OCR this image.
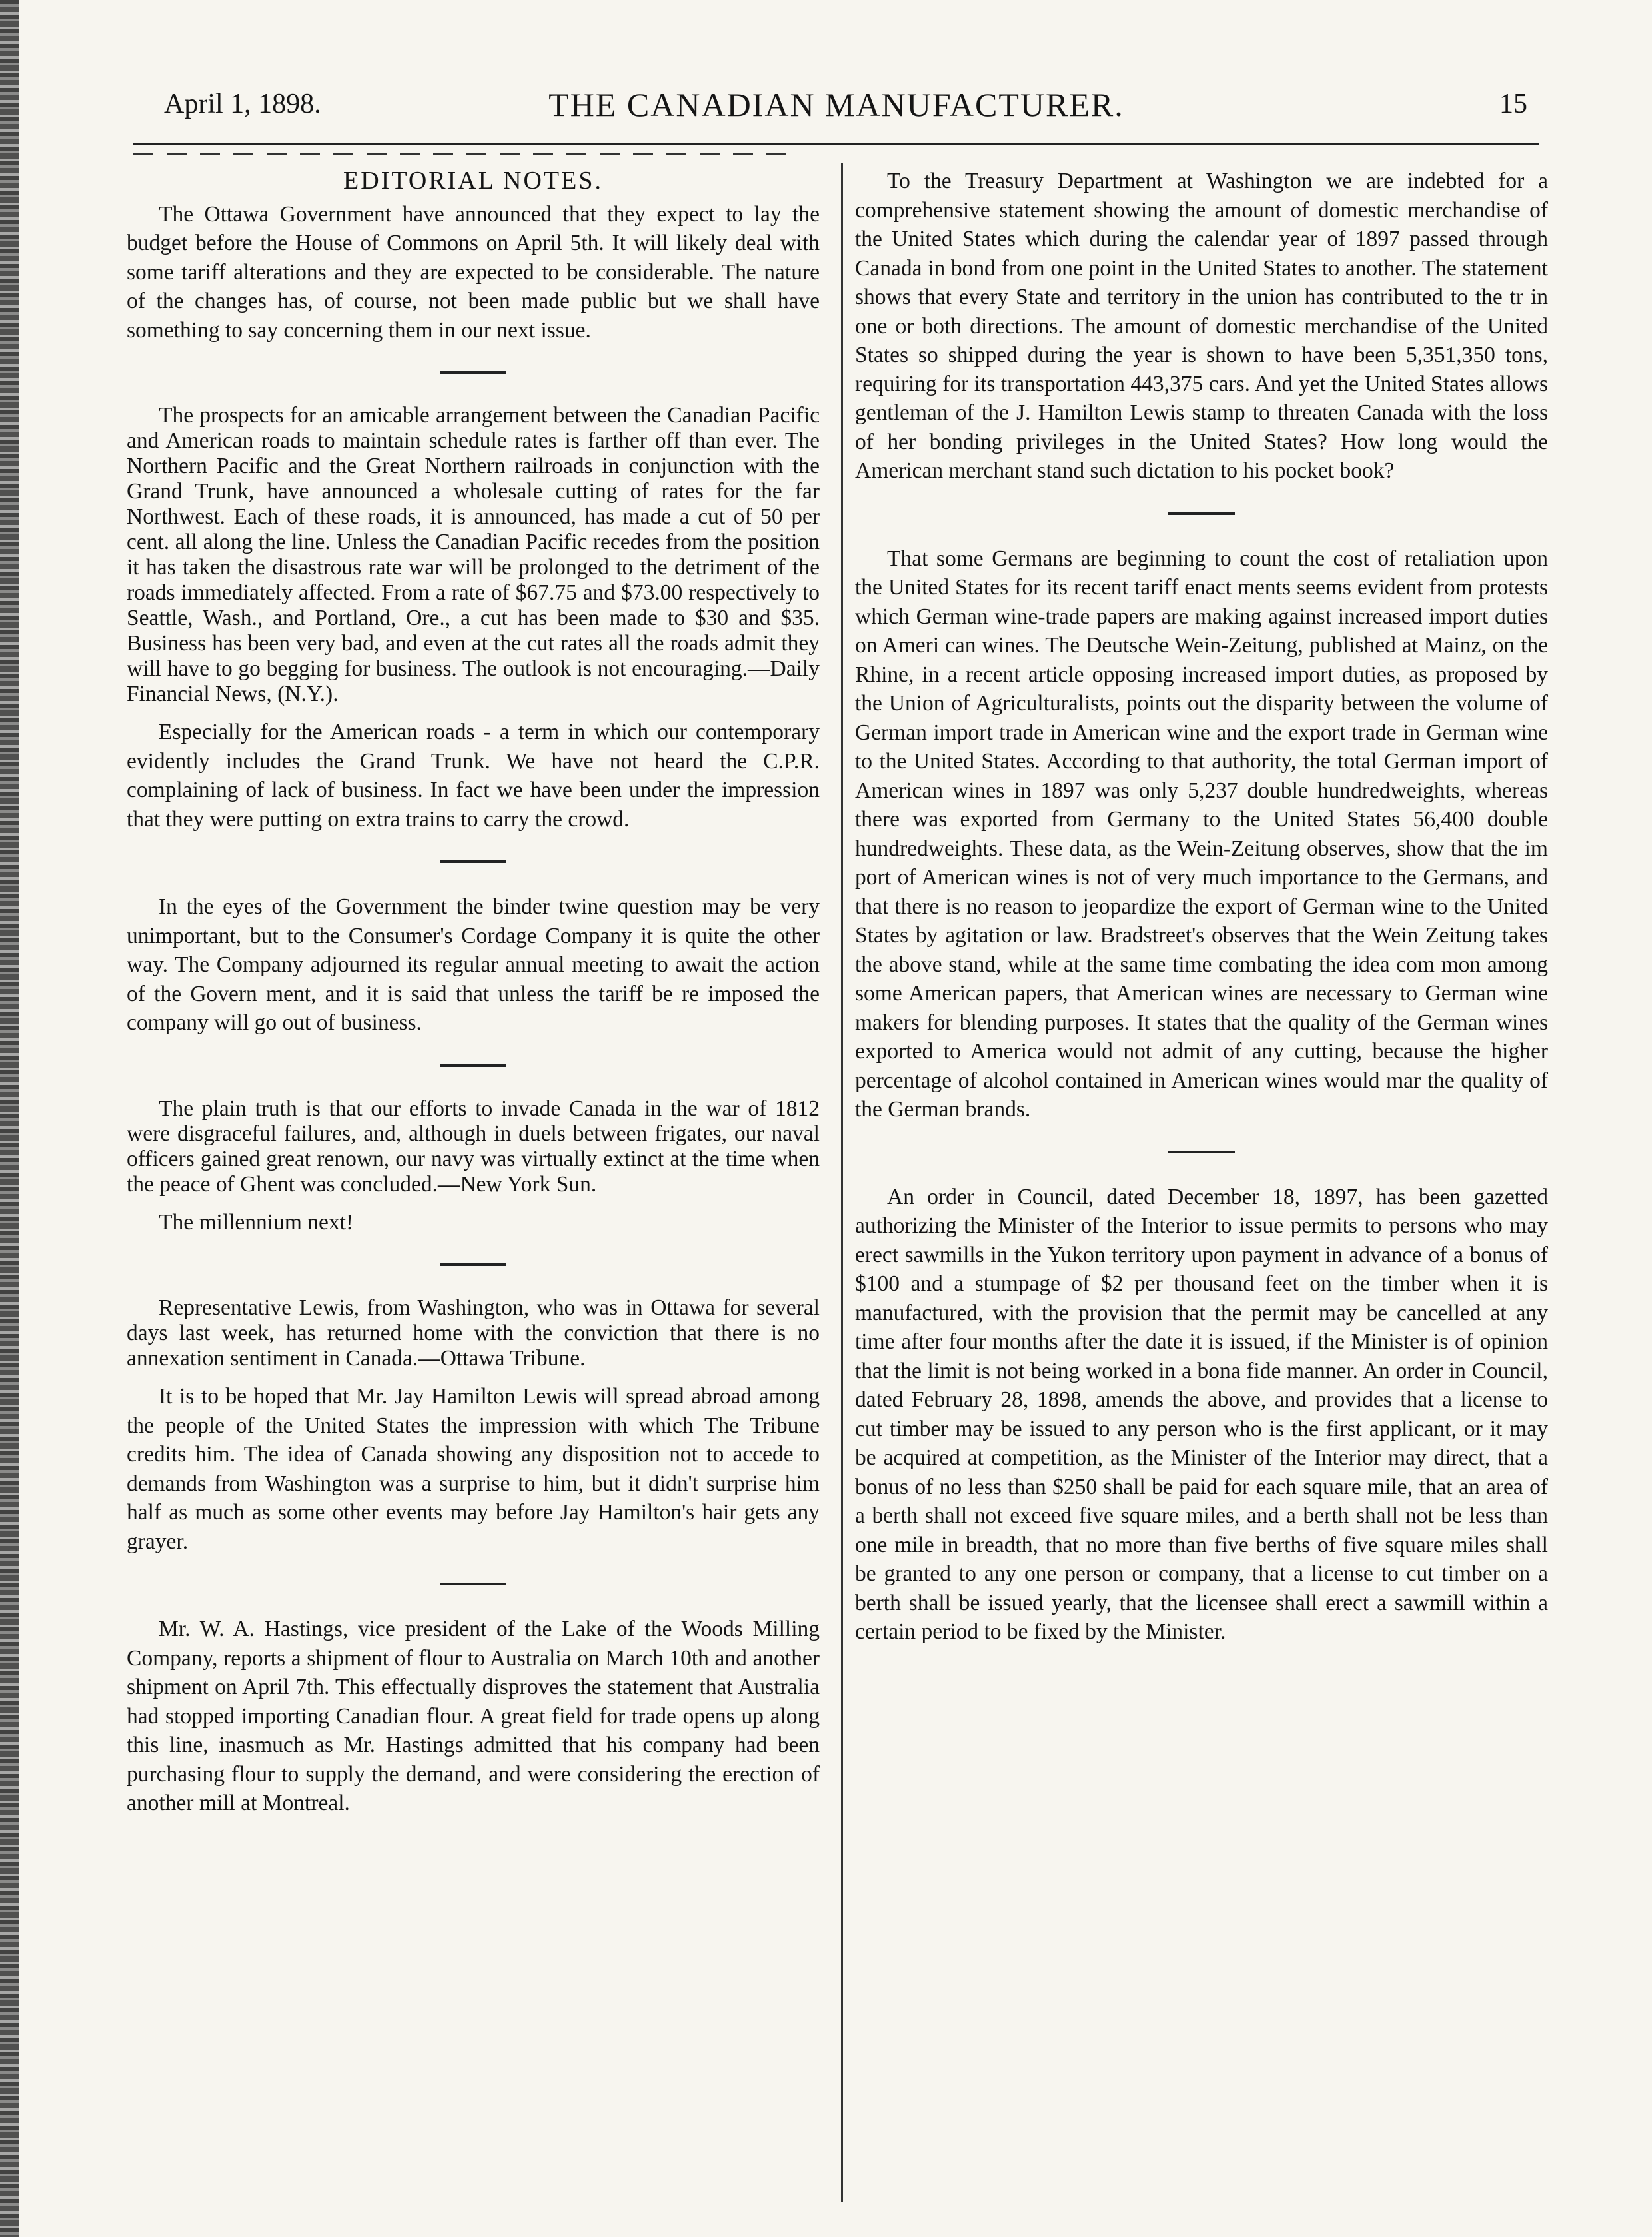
April 1, 1898.	THE CANADIAN MANUFACTURER.	15
EDITORIAL NOTES.

The Ottawa Government have announced that they expect to lay the budget before the House of Commons on April 5th. It will likely deal with some tariff alterations and they are expected to be considerable. The nature of the changes has, of course, not been made public but we shall have something to say concerning them in our next issue.

The prospects for an amicable arrangement between the Canadian Pacific and American roads to maintain schedule rates is farther off than ever. The Northern Pacific and the Great Northern railroads in conjunction with the Grand Trunk, have announced a wholesale cutting of rates for the far Northwest. Each of these roads, it is announced, has made a cut of 50 per cent. all along the line. Unless the Canadian Pacific recedes from the position it has taken the disastrous rate war will be prolonged to the detriment of the roads immediately affected. From a rate of $67.75 and $73.00 respectively to Seattle, Wash., and Portland, Ore., a cut has been made to $30 and $35. Business has been very bad, and even at the cut rates all the roads admit they will have to go begging for business. The outlook is not encouraging.—Daily Financial News, (N.Y.).

Especially for the American roads - a term in which our contemporary evidently includes the Grand Trunk. We have not heard the C.P.R. complaining of lack of business. In fact we have been under the impression that they were putting on extra trains to carry the crowd.

In the eyes of the Government the binder twine question may be very unimportant, but to the Consumer's Cordage Company it is quite the other way. The Company adjourned its regular annual meeting to await the action of the Govern ment, and it is said that unless the tariff be re imposed the company will go out of business.

The plain truth is that our efforts to invade Canada in the war of 1812 were disgraceful failures, and, although in duels between frigates, our naval officers gained great renown, our navy was virtually extinct at the time when the peace of Ghent was concluded.—New York Sun.

The millennium next!

Representative Lewis, from Washington, who was in Ottawa for several days last week, has returned home with the conviction that there is no annexation sentiment in Canada.—Ottawa Tribune.

It is to be hoped that Mr. Jay Hamilton Lewis will spread abroad among the people of the United States the impression with which The Tribune credits him. The idea of Canada showing any disposition not to accede to demands from Washington was a surprise to him, but it didn't surprise him half as much as some other events may before Jay Hamilton's hair gets any grayer.

Mr. W. A. Hastings, vice president of the Lake of the Woods Milling Company, reports a shipment of flour to Australia on March 10th and another shipment on April 7th. This effectually disproves the statement that Australia had stopped importing Canadian flour. A great field for trade opens up along this line, inasmuch as Mr. Hastings admitted that his company had been purchasing flour to supply the demand, and were considering the erection of another mill at Montreal.

To the Treasury Department at Washington we are indebted for a comprehensive statement showing the amount of domestic merchandise of the United States which during the calendar year of 1897 passed through Canada in bond from one point in the United States to another. The statement shows that every State and territory in the union has contributed to the tr in one or both directions. The amount of domestic merchandise of the United States so shipped during the year is shown to have been 5,351,350 tons, requiring for its transportation 443,375 cars. And yet the United States allows gentleman of the J. Hamilton Lewis stamp to threaten Canada with the loss of her bonding privileges in the United States? How long would the American merchant stand such dictation to his pocket book?

That some Germans are beginning to count the cost of retaliation upon the United States for its recent tariff enact ments seems evident from protests which German wine-trade papers are making against increased import duties on Ameri can wines. The Deutsche Wein-Zeitung, published at Mainz, on the Rhine, in a recent article opposing increased import duties, as proposed by the Union of Agriculturalists, points out the disparity between the volume of German import trade in American wine and the export trade in German wine to the United States. According to that authority, the total German import of American wines in 1897 was only 5,237 double hundredweights, whereas there was exported from Germany to the United States 56,400 double hundredweights. These data, as the Wein-Zeitung observes, show that the im port of American wines is not of very much importance to the Germans, and that there is no reason to jeopardize the export of German wine to the United States by agitation or law. Bradstreet's observes that the Wein Zeitung takes the above stand, while at the same time combating the idea com mon among some American papers, that American wines are necessary to German wine makers for blending purposes. It states that the quality of the German wines exported to America would not admit of any cutting, because the higher percentage of alcohol contained in American wines would mar the quality of the German brands.

An order in Council, dated December 18, 1897, has been gazetted authorizing the Minister of the Interior to issue permits to persons who may erect sawmills in the Yukon territory upon payment in advance of a bonus of $100 and a stumpage of $2 per thousand feet on the timber when it is manufactured, with the provision that the permit may be cancelled at any time after four months after the date it is issued, if the Minister is of opinion that the limit is not being worked in a bona fide manner. An order in Council, dated February 28, 1898, amends the above, and provides that a license to cut timber may be issued to any person who is the first applicant, or it may be acquired at competition, as the Minister of the Interior may direct, that a bonus of no less than $250 shall be paid for each square mile, that an area of a berth shall not exceed five square miles, and a berth shall not be less than one mile in breadth, that no more than five berths of five square miles shall be granted to any one person or company, that a license to cut timber on a berth shall be issued yearly, that the licensee shall erect a sawmill within a certain period to be fixed by the Minister.
